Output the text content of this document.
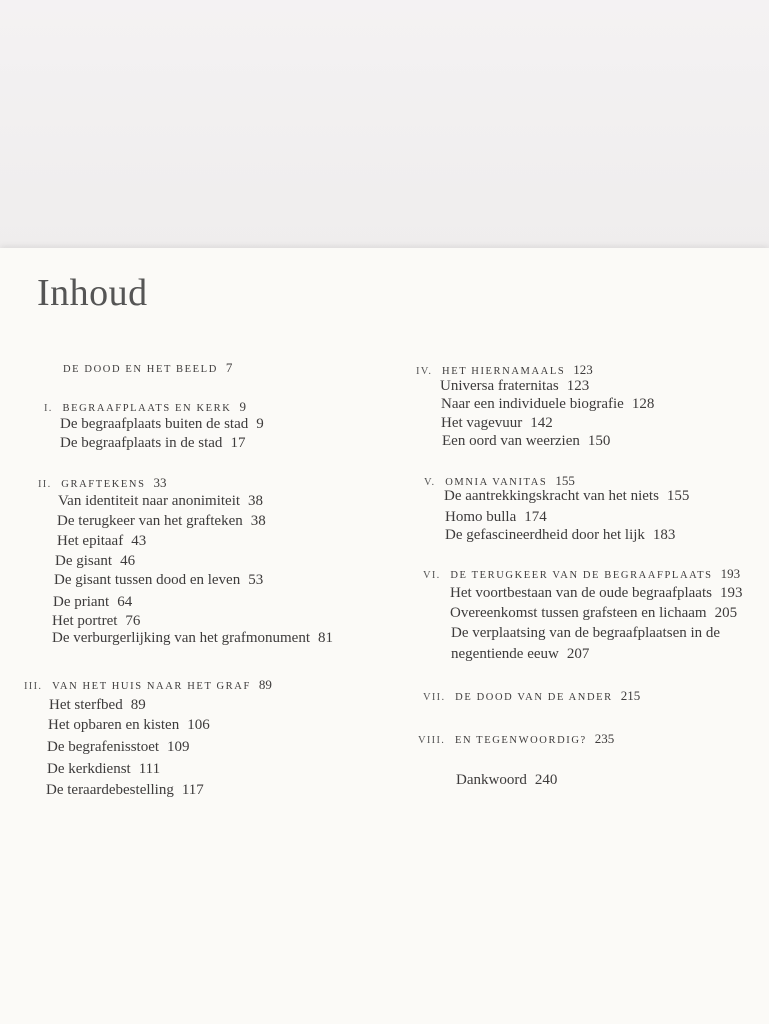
Inhoud
DE DOOD EN HET BEELD 7
I. BEGRAAFPLAATS EN KERK 9
De begraafplaats buiten de stad 9
De begraafplaats in de stad 17
II. GRAFTEKENS 33
Van identiteit naar anonimiteit 38
De terugkeer van het grafteken 38
Het epitaaf 43
De gisant 46
De gisant tussen dood en leven 53
De priant 64
Het portret 76
De verburgerlijking van het grafmonument 81
III. VAN HET HUIS NAAR HET GRAF 89
Het sterfbed 89
Het opbaren en kisten 106
De begrafenisstoet 109
De kerkdienst 111
De teraardebestelling 117
IV. HET HIERNAMAALS 123
Universa fraternitas 123
Naar een individuele biografie 128
Het vagevuur 142
Een oord van weerzien 150
V. OMNIA VANITAS 155
De aantrekkingskracht van het niets 155
Homo bulla 174
De gefascineerdheid door het lijk 183
VI. DE TERUGKEER VAN DE BEGRAAFPLAATS 193
Het voortbestaan van de oude begraafplaats 193
Overeenkomst tussen grafsteen en lichaam 205
De verplaatsing van de begraafplaatsen in de
negentiende eeuw 207
VII. DE DOOD VAN DE ANDER 215
VIII. EN TEGENWOORDIG? 235
Dankwoord 240
